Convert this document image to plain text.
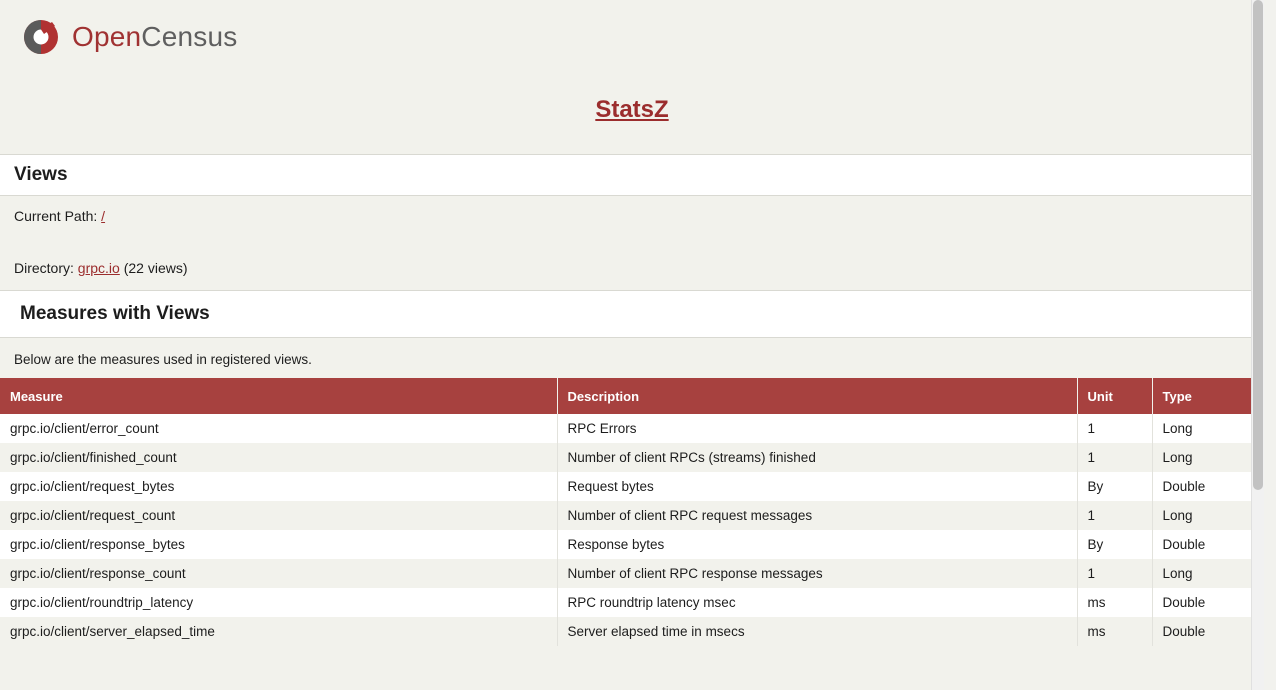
OpenCensus
StatsZ
Views

Current Path: /

Directory: grpc.io (22 views)

Measures with Views
Below are the measures used in registered views.
Measure	Description	Unit	Type
grpc.io/client/error_count	RPC Errors	1	Long
grpc.io/client/finished_count	Number of client RPCs (streams) finished	1	Long
grpc.io/client/request_bytes	Request bytes	By	Double
grpc.io/client/request_count	Number of client RPC request messages	1	Long
grpc.io/client/response_bytes	Response bytes	By	Double
grpc.io/client/response_count	Number of client RPC response messages	1	Long
grpc.io/client/roundtrip_latency	RPC roundtrip latency msec	ms	Double
grpc.io/client/server_elapsed_time	Server elapsed time in msecs	ms	Double
